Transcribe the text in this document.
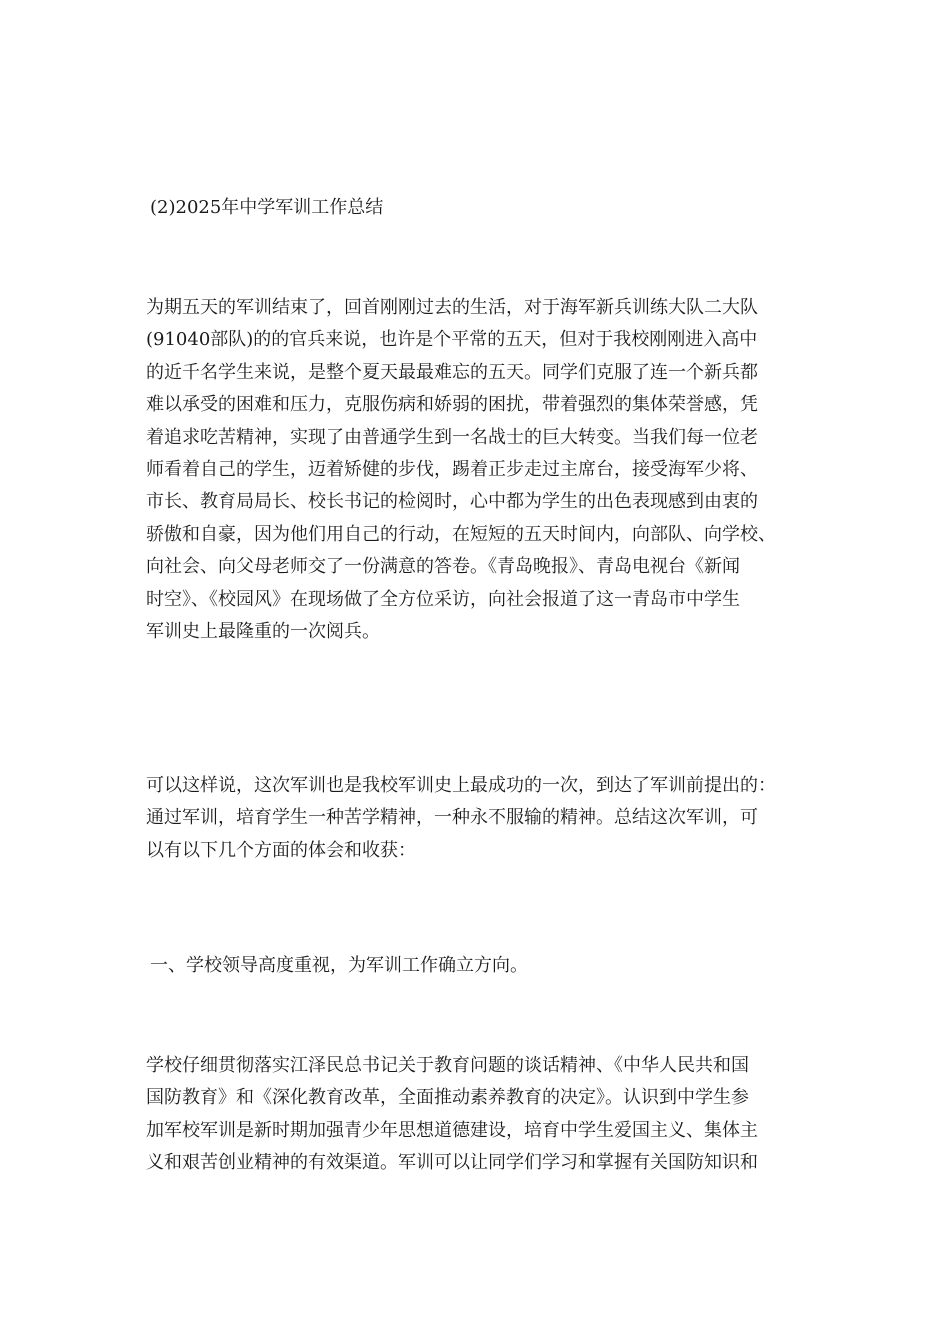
(2)2025年中学军训工作总结
为期五天的军训结束了，回首刚刚过去的生活，对于海军新兵训练大队二大队
(91040部队)的的官兵来说，也许是个平常的五天，但对于我校刚刚进入高中
的近千名学生来说，是整个夏天最最难忘的五天。同学们克服了连一个新兵都
难以承受的困难和压力，克服伤病和娇弱的困扰，带着强烈的集体荣誉感，凭
着追求吃苦精神，实现了由普通学生到一名战士的巨大转变。当我们每一位老
师看着自己的学生，迈着矫健的步伐，踢着正步走过主席台，接受海军少将、
市长、教育局局长、校长书记的检阅时，心中都为学生的出色表现感到由衷的
骄傲和自豪，因为他们用自己的行动，在短短的五天时间内，向部队、向学校、
向社会、向父母老师交了一份满意的答卷。《青岛晚报》、青岛电视台《新闻
时空》、《校园风》在现场做了全方位采访，向社会报道了这一青岛市中学生
军训史上最隆重的一次阅兵。
可以这样说，这次军训也是我校军训史上最成功的一次，到达了军训前提出的：
通过军训，培育学生一种苦学精神，一种永不服输的精神。总结这次军训，可
以有以下几个方面的体会和收获：
一、学校领导高度重视，为军训工作确立方向。
学校仔细贯彻落实江泽民总书记关于教育问题的谈话精神、《中华人民共和国
国防教育》和《深化教育改革，全面推动素养教育的决定》。认识到中学生参
加军校军训是新时期加强青少年思想道德建设，培育中学生爱国主义、集体主
义和艰苦创业精神的有效渠道。军训可以让同学们学习和掌握有关国防知识和
